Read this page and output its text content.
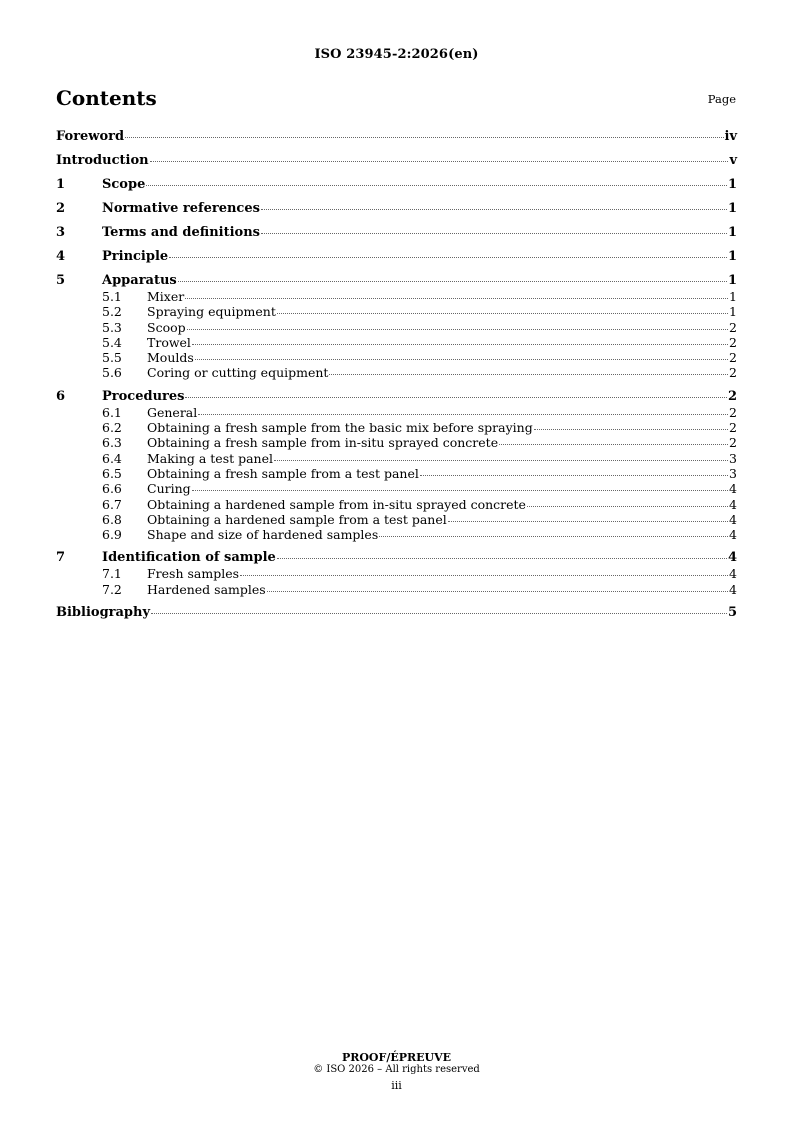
ISO 23945-2:2026(en)
Contents	Page
Foreword	iv
Introduction	v
1	Scope	1
2	Normative references	1
3	Terms and definitions	1
4	Principle	1
5	Apparatus	1
5.1	Mixer	1
5.2	Spraying equipment	1
5.3	Scoop	2
5.4	Trowel	2
5.5	Moulds	2
5.6	Coring or cutting equipment	2
6	Procedures	2
6.1	General	2
6.2	Obtaining a fresh sample from the basic mix before spraying	2
6.3	Obtaining a fresh sample from in-situ sprayed concrete	2
6.4	Making a test panel	3
6.5	Obtaining a fresh sample from a test panel	3
6.6	Curing	4
6.7	Obtaining a hardened sample from in-situ sprayed concrete	4
6.8	Obtaining a hardened sample from a test panel	4
6.9	Shape and size of hardened samples	4
7	Identification of sample	4
7.1	Fresh samples	4
7.2	Hardened samples	4
Bibliography	5
PROOF/ÉPREUVE
© ISO 2026 – All rights reserved
iii
